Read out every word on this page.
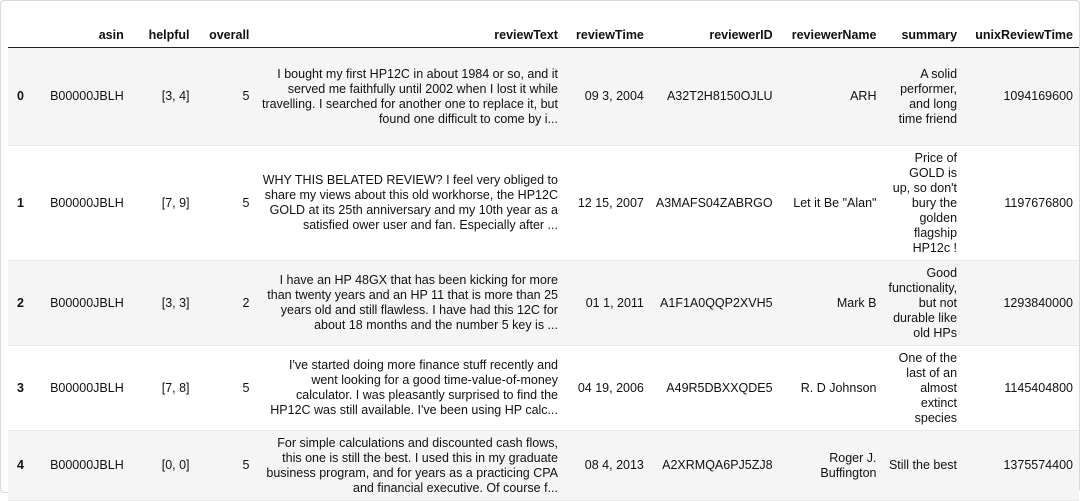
	asin	helpful	overall	reviewText	reviewTime	reviewerID	reviewerName	summary	unixReviewTime
0	B00000JBLH	[3, 4]	5	I bought my first HP12C in about 1984 or so, and it served me faithfully until 2002 when I lost it while travelling. I searched for another one to replace it, but found one difficult to come by i...	09 3, 2004	A32T2H8150OJLU	ARH	A solid performer, and long time friend	1094169600
1	B00000JBLH	[7, 9]	5	WHY THIS BELATED REVIEW? I feel very obliged to share my views about this old workhorse, the HP12C GOLD at its 25th anniversary and my 10th year as a satisfied ower user and fan. Especially after ...	12 15, 2007	A3MAFS04ZABRGO	Let it Be "Alan"	Price of GOLD is up, so don't bury the golden flagship HP12c !	1197676800
2	B00000JBLH	[3, 3]	2	I have an HP 48GX that has been kicking for more than twenty years and an HP 11 that is more than 25 years old and still flawless. I have had this 12C for about 18 months and the number 5 key is ...	01 1, 2011	A1F1A0QQP2XVH5	Mark B	Good functionality, but not durable like old HPs	1293840000
3	B00000JBLH	[7, 8]	5	I've started doing more finance stuff recently and went looking for a good time-value-of-money calculator. I was pleasantly surprised to find the HP12C was still available. I've been using HP calc...	04 19, 2006	A49R5DBXXQDE5	R. D Johnson	One of the last of an almost extinct species	1145404800
4	B00000JBLH	[0, 0]	5	For simple calculations and discounted cash flows, this one is still the best. I used this in my graduate business program, and for years as a practicing CPA and financial executive. Of course f...	08 4, 2013	A2XRMQA6PJ5ZJ8	Roger J. Buffington	Still the best	1375574400
